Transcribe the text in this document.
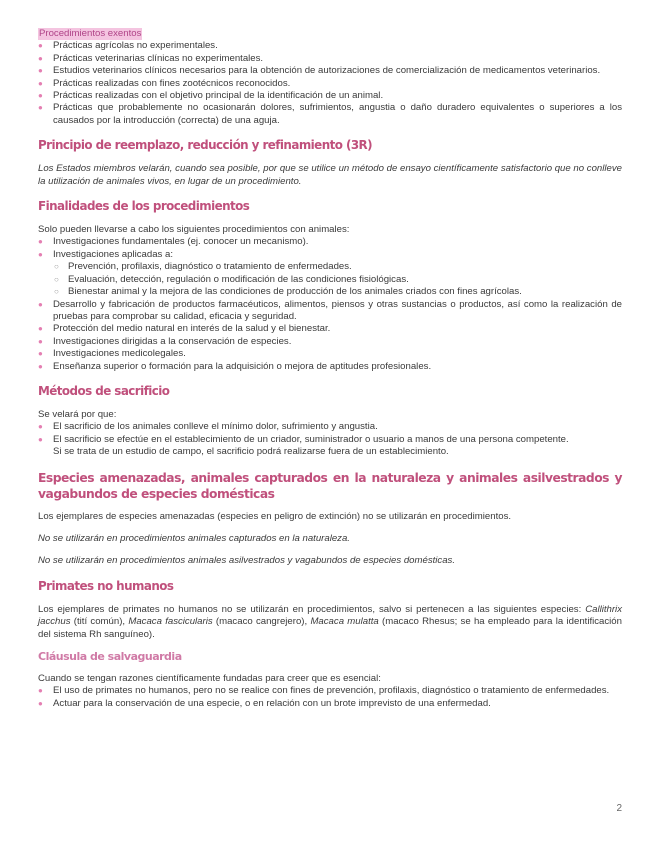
Procedimientos exentos
● Prácticas agrícolas no experimentales.
● Prácticas veterinarias clínicas no experimentales.
● Estudios veterinarios clínicos necesarios para la obtención de autorizaciones de comercialización de medicamentos veterinarios.
● Prácticas realizadas con fines zootécnicos reconocidos.
● Prácticas realizadas con el objetivo principal de la identificación de un animal.
● Prácticas que probablemente no ocasionarán dolores, sufrimientos, angustia o daño duradero equivalentes o superiores a los causados por la introducción (correcta) de una aguja.
Principio de reemplazo, reducción y refinamiento (3R)

Los Estados miembros velarán, cuando sea posible, por que se utilice un método de ensayo científicamente satisfactorio que no conlleve la utilización de animales vivos, en lugar de un procedimiento.

Finalidades de los procedimientos

Solo pueden llevarse a cabo los siguientes procedimientos con animales:

● Investigaciones fundamentales (ej. conocer un mecanismo).
● Investigaciones aplicadas a:
○ Prevención, profilaxis, diagnóstico o tratamiento de enfermedades.
○ Evaluación, detección, regulación o modificación de las condiciones fisiológicas.
○ Bienestar animal y la mejora de las condiciones de producción de los animales criados con fines agrícolas.
● Desarrollo y fabricación de productos farmacéuticos, alimentos, piensos y otras sustancias o productos, así como la realización de pruebas para comprobar su calidad, eficacia y seguridad.
● Protección del medio natural en interés de la salud y el bienestar.
● Investigaciones dirigidas a la conservación de especies.
● Investigaciones medicolegales.
● Enseñanza superior o formación para la adquisición o mejora de aptitudes profesionales.
Métodos de sacrificio

Se velará por que:

● El sacrificio de los animales conlleve el mínimo dolor, sufrimiento y angustia.
● El sacrificio se efectúe en el establecimiento de un criador, suministrador o usuario a manos de una persona competente.

Si se trata de un estudio de campo, el sacrificio podrá realizarse fuera de un establecimiento.

Especies amenazadas, animales capturados en la naturaleza y animales asilvestrados y vagabundos de especies domésticas

Los ejemplares de especies amenazadas (especies en peligro de extinción) no se utilizarán en procedimientos.

No se utilizarán en procedimientos animales capturados en la naturaleza.

No se utilizarán en procedimientos animales asilvestrados y vagabundos de especies domésticas.

Primates no humanos

Los ejemplares de primates no humanos no se utilizarán en procedimientos, salvo si pertenecen a las siguientes especies: Callithrix jacchus (tití común), Macaca fascicularis (macaco cangrejero), Macaca mulatta (macaco Rhesus; se ha empleado para la identificación del sistema Rh sanguíneo).

Cláusula de salvaguardia

Cuando se tengan razones científicamente fundadas para creer que es esencial:

● El uso de primates no humanos, pero no se realice con fines de prevención, profilaxis, diagnóstico o tratamiento de enfermedades.
● Actuar para la conservación de una especie, o en relación con un brote imprevisto de una enfermedad.
2
